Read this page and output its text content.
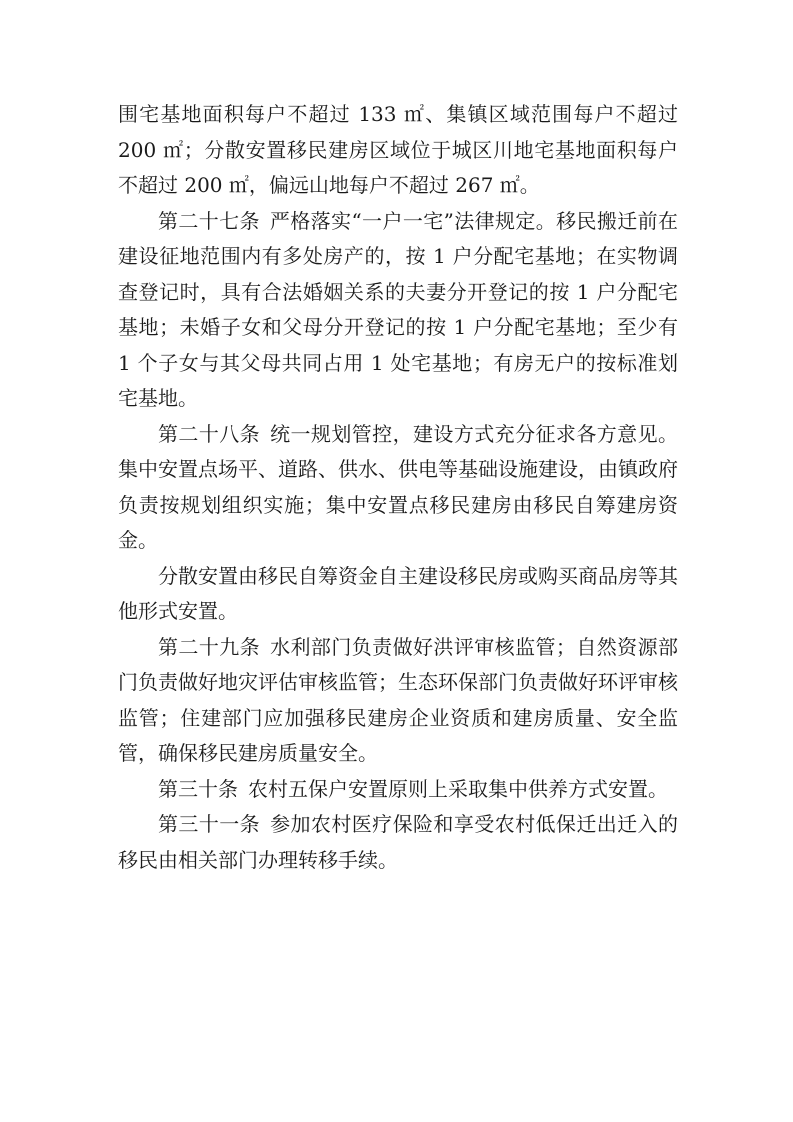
围宅基地面积每户不超过 133 ㎡、集镇区域范围每户不超过 200 ㎡；分散安置移民建房区域位于城区川地宅基地面积每户不超过 200 ㎡，偏远山地每户不超过 267 ㎡。

第二十七条 严格落实“一户一宅”法律规定。移民搬迁前在建设征地范围内有多处房产的，按 1 户分配宅基地；在实物调查登记时，具有合法婚姻关系的夫妻分开登记的按 1 户分配宅基地；未婚子女和父母分开登记的按 1 户分配宅基地；至少有 1 个子女与其父母共同占用 1 处宅基地；有房无户的按标准划宅基地。

第二十八条 统一规划管控，建设方式充分征求各方意见。集中安置点场平、道路、供水、供电等基础设施建设，由镇政府负责按规划组织实施；集中安置点移民建房由移民自筹建房资金。

分散安置由移民自筹资金自主建设移民房或购买商品房等其他形式安置。

第二十九条 水利部门负责做好洪评审核监管；自然资源部门负责做好地灾评估审核监管；生态环保部门负责做好环评审核监管；住建部门应加强移民建房企业资质和建房质量、安全监管，确保移民建房质量安全。

第三十条 农村五保户安置原则上采取集中供养方式安置。

第三十一条 参加农村医疗保险和享受农村低保迁出迁入的移民由相关部门办理转移手续。
